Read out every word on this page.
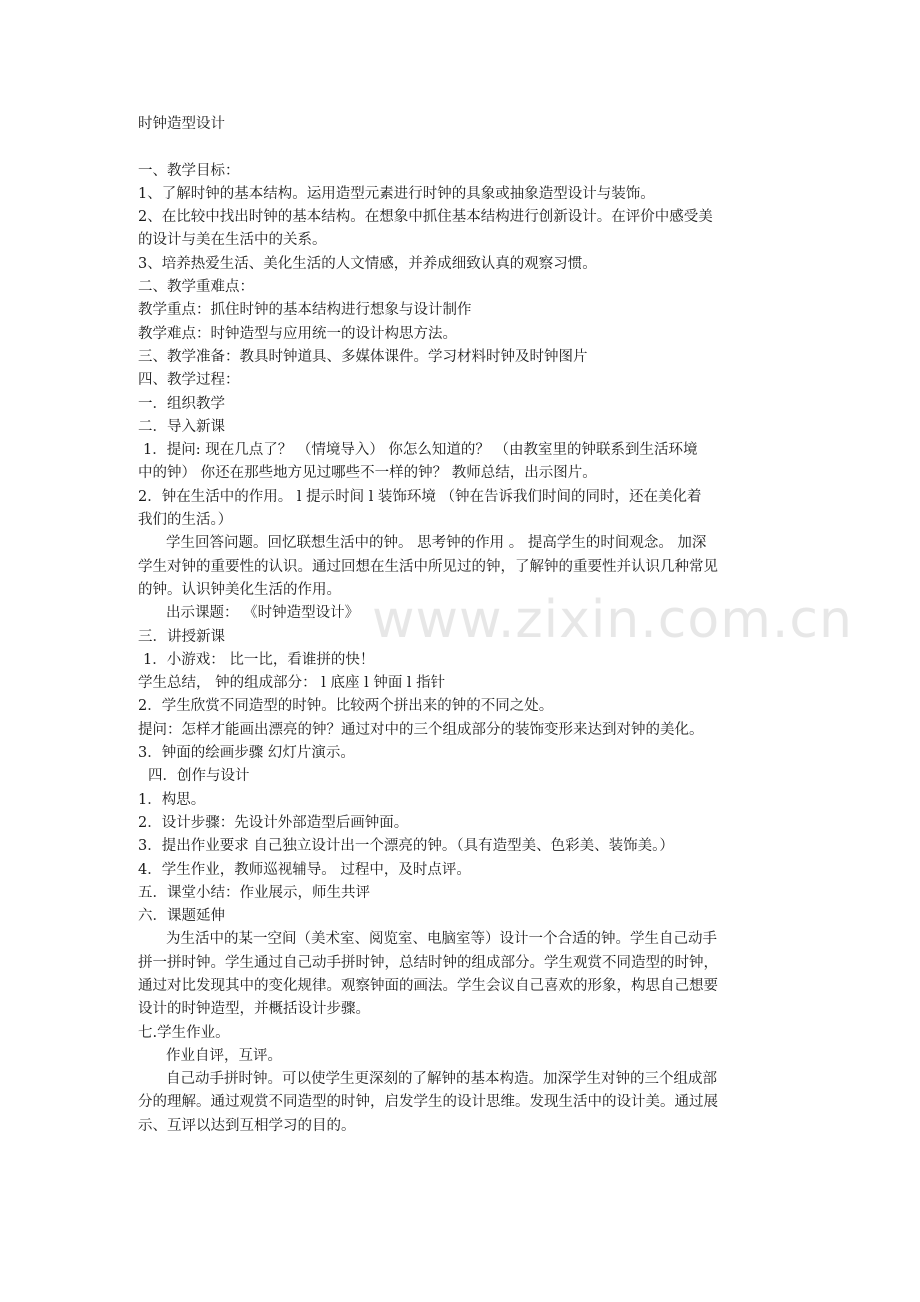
时钟造型设计
一、教学目标：
1、了解时钟的基本结构。运用造型元素进行时钟的具象或抽象造型设计与装饰。
2、在比较中找出时钟的基本结构。在想象中抓住基本结构进行创新设计。在评价中感受美
的设计与美在生活中的关系。
3、培养热爱生活、美化生活的人文情感，并养成细致认真的观察习惯。
二、教学重难点：
教学重点：抓住时钟的基本结构进行想象与设计制作
教学难点：时钟造型与应用统一的设计构思方法。
三、教学准备：教具时钟道具、多媒体课件。学习材料时钟及时钟图片
四、教学过程：
一．组织教学
二．导入新课
1．提问: 现在几点了？ （情境导入） 你怎么知道的？ （由教室里的钟联系到生活环境
中的钟） 你还在那些地方见过哪些不一样的钟？ 教师总结，出示图片。
2．钟在生活中的作用。 l 提示时间 l 装饰环境 （钟在告诉我们时间的同时，还在美化着
我们的生活。）
学生回答问题。回忆联想生活中的钟。 思考钟的作用 。 提高学生的时间观念。 加深
学生对钟的重要性的认识。通过回想在生活中所见过的钟，了解钟的重要性并认识几种常见
的钟。认识钟美化生活的作用。
出示课题： 《时钟造型设计》
三．讲授新课
1．小游戏： 比一比，看谁拼的快！
学生总结， 钟的组成部分： l 底座 l 钟面 l 指针
2．学生欣赏不同造型的时钟。比较两个拼出来的钟的不同之处。
提问：怎样才能画出漂亮的钟？通过对中的三个组成部分的装饰变形来达到对钟的美化。
3．钟面的绘画步骤 幻灯片演示。
四．创作与设计
1．构思。
2．设计步骤：先设计外部造型后画钟面。
3．提出作业要求 自己独立设计出一个漂亮的钟。（具有造型美、色彩美、装饰美。）
4．学生作业，教师巡视辅导。 过程中，及时点评。
五．课堂小结：作业展示，师生共评
六．课题延伸
为生活中的某一空间（美术室、阅览室、电脑室等）设计一个合适的钟。学生自己动手
拼一拼时钟。学生通过自己动手拼时钟，总结时钟的组成部分。学生观赏不同造型的时钟，
通过对比发现其中的变化规律。观察钟面的画法。学生会议自己喜欢的形象，构思自己想要
设计的时钟造型，并概括设计步骤。
七.学生作业。
作业自评，互评。
自己动手拼时钟。可以使学生更深刻的了解钟的基本构造。加深学生对钟的三个组成部
分的理解。通过观赏不同造型的时钟，启发学生的设计思维。发现生活中的设计美。通过展
示、互评以达到互相学习的目的。
www.zixin.com.cn
